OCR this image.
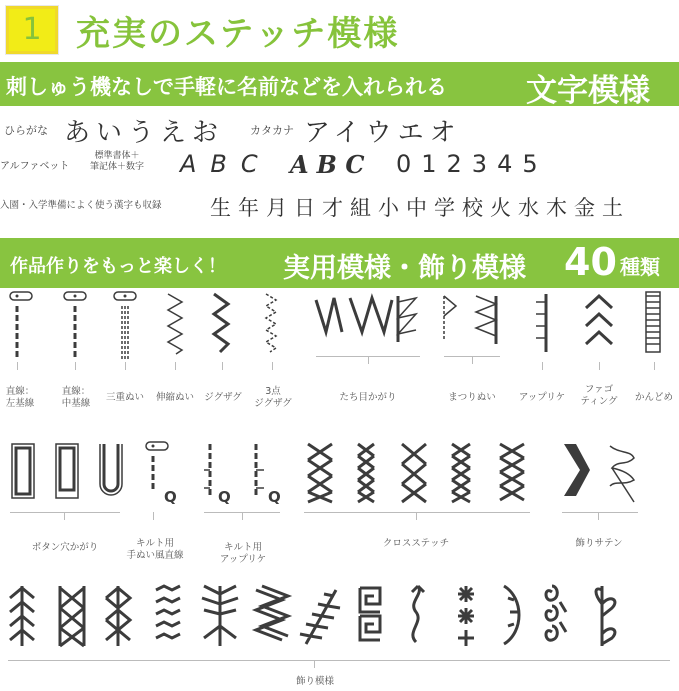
1	充実のステッチ模様
刺しゅう機なしで手軽に名前などを入れられる	文字模様
ひらがな あいうえお カタカナ アイウエオ
アルファベット
標準書体＋
筆記体＋数字 ABC ABC 012345
入園・入学準備によく使う漢字も収録 生年月日才組小中学校火水木金土
作品作りをもっと楽しく！ 実用模様・飾り模様 40 種類
直線：
左基線
直線：
中基線
三重ぬい	伸縮ぬい	ジグザグ
3点
ジグザグ
たち目かがり	まつりぬい	アップリケ
ファゴ
ティング	かんどめ
Q	Q Q
ボタン穴かがり	キルト用
手ぬい風直線
キルト用
アップリケ
クロスステッチ	飾りサテン
飾り模様
